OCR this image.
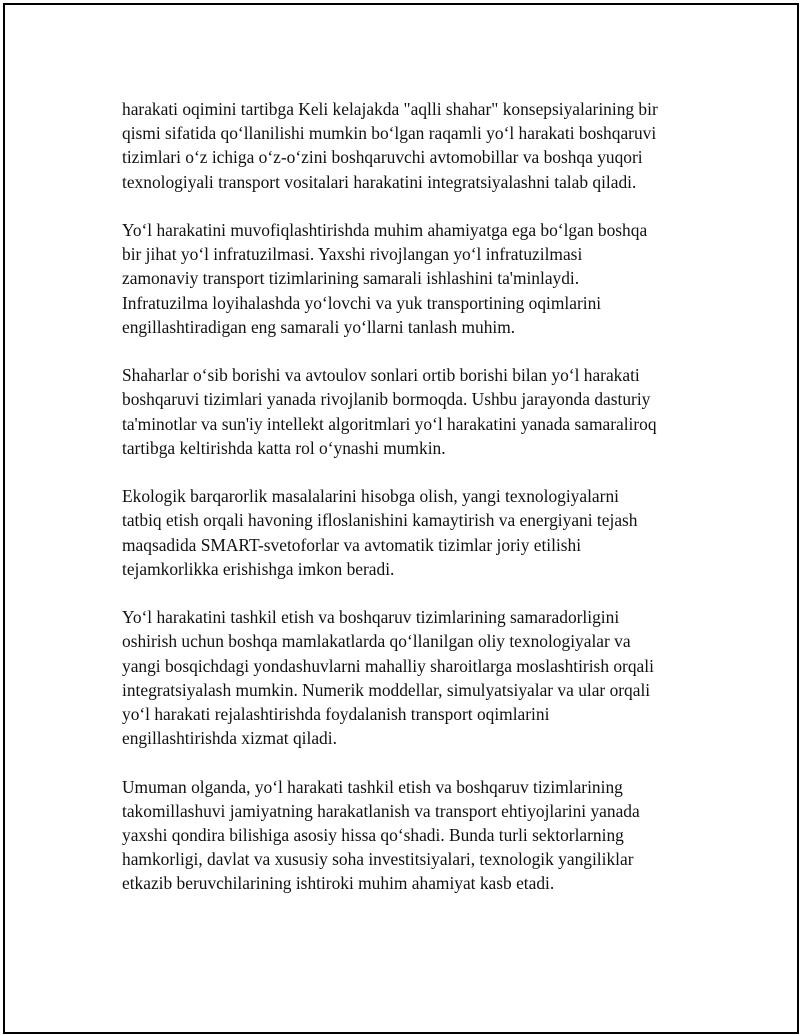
harakati oqimini tartibga Keli kelajakda "aqlli shahar" konsepsiyalarining bir
qismi sifatida qo‘llanilishi mumkin bo‘lgan raqamli yo‘l harakati boshqaruvi
tizimlari o‘z ichiga o‘z-o‘zini boshqaruvchi avtomobillar va boshqa yuqori
texnologiyali transport vositalari harakatini integratsiyalashni talab qiladi.

Yo‘l harakatini muvofiqlashtirishda muhim ahamiyatga ega bo‘lgan boshqa
bir jihat yo‘l infratuzilmasi. Yaxshi rivojlangan yo‘l infratuzilmasi
zamonaviy transport tizimlarining samarali ishlashini ta'minlaydi.
Infratuzilma loyihalashda yo‘lovchi va yuk transportining oqimlarini
engillashtiradigan eng samarali yo‘llarni tanlash muhim.

Shaharlar o‘sib borishi va avtoulov sonlari ortib borishi bilan yo‘l harakati
boshqaruvi tizimlari yanada rivojlanib bormoqda. Ushbu jarayonda dasturiy
ta'minotlar va sun'iy intellekt algoritmlari yo‘l harakatini yanada samaraliroq
tartibga keltirishda katta rol o‘ynashi mumkin.

Ekologik barqarorlik masalalarini hisobga olish, yangi texnologiyalarni
tatbiq etish orqali havoning ifloslanishini kamaytirish va energiyani tejash
maqsadida SMART-svetoforlar va avtomatik tizimlar joriy etilishi
tejamkorlikka erishishga imkon beradi.

Yo‘l harakatini tashkil etish va boshqaruv tizimlarining samaradorligini
oshirish uchun boshqa mamlakatlarda qo‘llanilgan oliy texnologiyalar va
yangi bosqichdagi yondashuvlarni mahalliy sharoitlarga moslashtirish orqali
integratsiyalash mumkin. Numerik moddellar, simulyatsiyalar va ular orqali
yo‘l harakati rejalashtirishda foydalanish transport oqimlarini
engillashtirishda xizmat qiladi.

Umuman olganda, yo‘l harakati tashkil etish va boshqaruv tizimlarining
takomillashuvi jamiyatning harakatlanish va transport ehtiyojlarini yanada
yaxshi qondira bilishiga asosiy hissa qo‘shadi. Bunda turli sektorlarning
hamkorligi, davlat va xususiy soha investitsiyalari, texnologik yangiliklar
etkazib beruvchilarining ishtiroki muhim ahamiyat kasb etadi.
